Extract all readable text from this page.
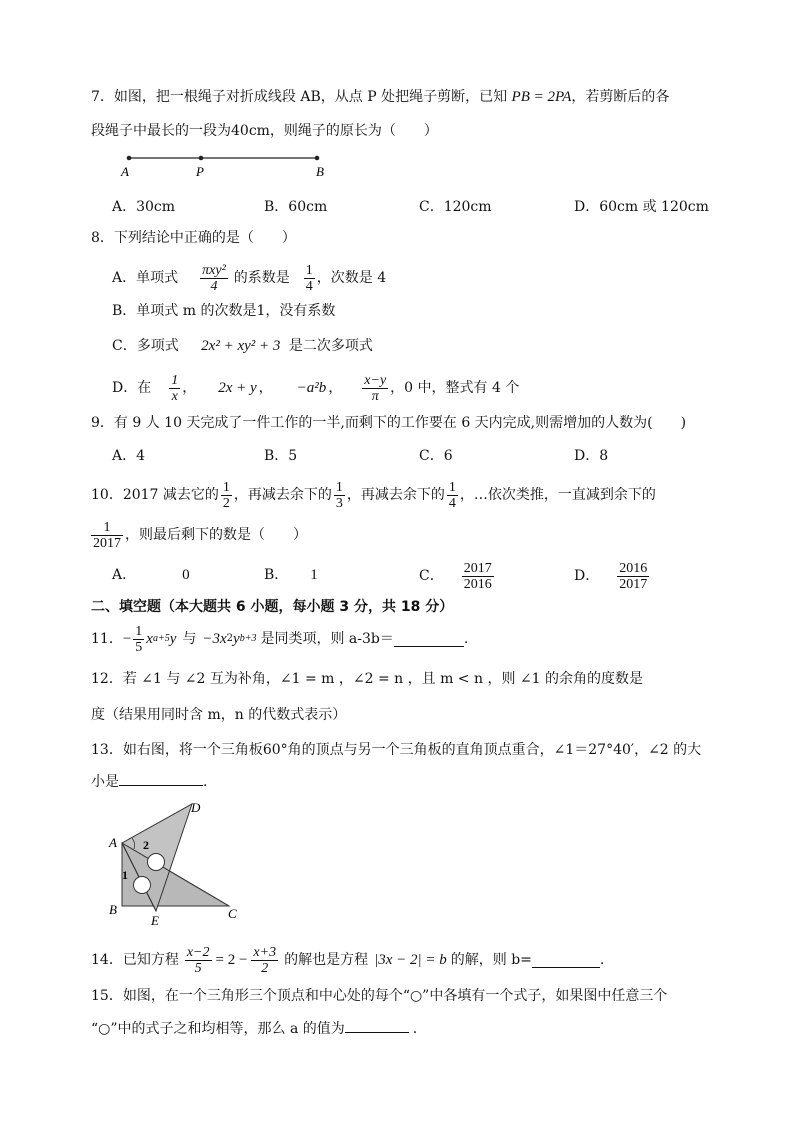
7．如图，把一根绳子对折成线段 AB，从点 P 处把绳子剪断，已知 PB = 2PA，若剪断后的各
段绳子中最长的一段为40cm，则绳子的原长为（　　）
A	P	B
A．30cm	B．60cm	C．120cm	D．60cm 或 120cm
8．下列结论中正确的是（　　）
A．单项式 $\frac{\text{πxy²}}{4}$ 的系数是 $\frac{1}{4}$ ，次数是 4
B．单项式 m 的次数是1，没有系数
C．多项式 2x² + xy² + 3 是二次多项式
D．在 $\frac{1}{x}$ ， 2x + y ， −a²b ， $\frac{x-y}{\pi}$ ，0 中，整式有 4 个
9．有 9 人 10 天完成了一件工作的一半,而剩下的工作要在 6 天内完成,则需增加的人数为(　　)
A．4	B．5	C．6	D．8
10．2017 减去它的 $\frac{1}{2}$ ，再减去余下的 $\frac{1}{3}$ ，再减去余下的 $\frac{1}{4}$ ，…依次类推，一直减到余下的
$\frac{1}{2017}$ ，则最后剩下的数是（　　）
A．	0	B． 1	C． $\frac{2017}{2016}$	D． $\frac{2016}{2017}$
二、填空题（本大题共 6 小题，每小题 3 分，共 18 分）
11． − $\frac{1}{5}$ x a+5 y 与 −3x 2 y b+3 是同类项，则 a-3b＝	.
12．若 ∠1 与 ∠2 互为补角，∠1 = m ，∠2 = n ，且 m < n ，则 ∠1 的余角的度数是
度（结果用同时含 m，n 的代数式表示）
13．如右图，将一个三角板60°角的顶点与另一个三角板的直角顶点重合，∠1＝27°40′，∠2 的大
小是	.
A
B	C
D
E
1
2
14．已知方程 $\frac{x-2}{5} = 2 - \frac{x+3}{2}$ 的解也是方程 |3x − 2| = b 的解，则 b=	.
15．如图，在一个三角形三个顶点和中心处的每个“○”中各填有一个式子，如果图中任意三个
“○”中的式子之和均相等，那么 a 的值为	.
